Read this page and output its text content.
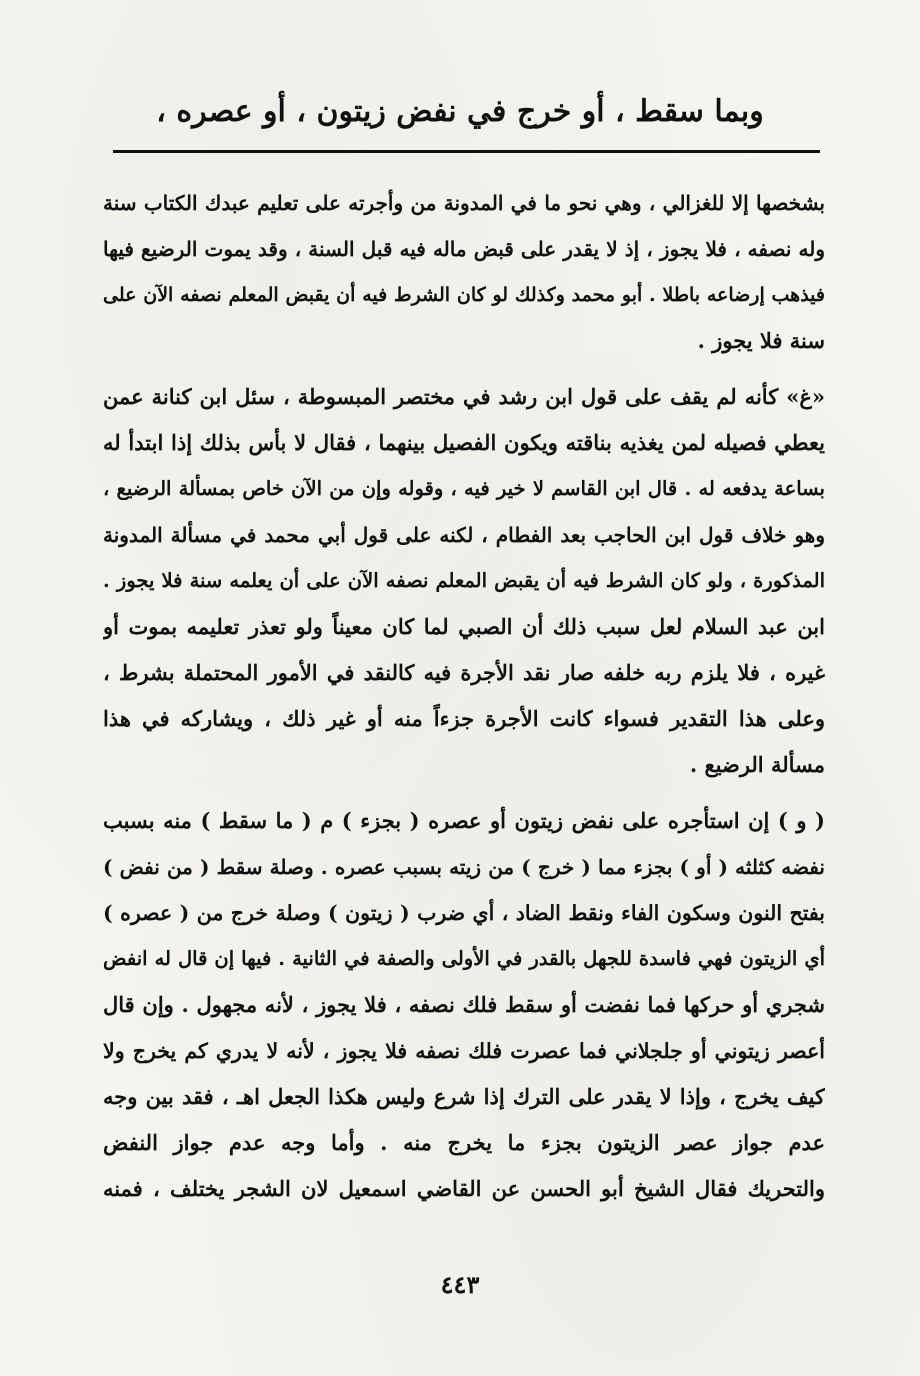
وبما سقط ، أو خرج في نفض زيتون ، أو عصره ،
بشخصها إلا للغزالي ، وهي نحو ما في المدونة من وأجرته على تعليم عبدك الكتاب سنة
وله نصفه ، فلا يجوز ، إذ لا يقدر على قبض ماله فيه قبل السنة ، وقد يموت الرضيع فيها
فيذهب إرضاعه باطلا . أبو محمد وكذلك لو كان الشرط فيه أن يقبض المعلم نصفه الآن على
سنة فلا يجوز .
«غ» كأنه لم يقف على قول ابن رشد في مختصر المبسوطة ، سئل ابن كنانة عمن
يعطي فصيله لمن يغذيه بناقته ويكون الفصيل بينهما ، فقال لا بأس بذلك إذا ابتدأ له
بساعة يدفعه له . قال ابن القاسم لا خير فيه ، وقوله وإن من الآن خاص بمسألة الرضيع ،
وهو خلاف قول ابن الحاجب بعد الفطام ، لكنه على قول أبي محمد في مسألة المدونة
المذكورة ، ولو كان الشرط فيه أن يقبض المعلم نصفه الآن على أن يعلمه سنة فلا يجوز .
ابن عبد السلام لعل سبب ذلك أن الصبي لما كان معيناً ولو تعذر تعليمه بموت أو
غيره ، فلا يلزم ربه خلفه صار نقد الأجرة فيه كالنقد في الأمور المحتملة بشرط ،
وعلى هذا التقدير فسواء كانت الأجرة جزءاً منه أو غير ذلك ، ويشاركه في هذا
مسألة الرضيع .
( و ) إن استأجره على نفض زيتون أو عصره ( بجزء ) م ( ما سقط ) منه بسبب
نفضه كثلثه ( أو ) بجزء مما ( خرج ) من زيته بسبب عصره . وصلة سقط ( من نفض )
بفتح النون وسكون الفاء ونقط الضاد ، أي ضرب ( زيتون ) وصلة خرج من ( عصره )
أي الزيتون فهي فاسدة للجهل بالقدر في الأولى والصفة في الثانية . فيها إن قال له انفض
شجري أو حركها فما نفضت أو سقط فلك نصفه ، فلا يجوز ، لأنه مجهول . وإن قال
أعصر زيتوني أو جلجلاني فما عصرت فلك نصفه فلا يجوز ، لأنه لا يدري كم يخرج ولا
كيف يخرج ، وإذا لا يقدر على الترك إذا شرع وليس هكذا الجعل اهـ ، فقد بين وجه
عدم جواز عصر الزيتون بجزء ما يخرج منه . وأما وجه عدم جواز النفض
والتحريك فقال الشيخ أبو الحسن عن القاضي اسمعيل لان الشجر يختلف ، فمنه
٤٤٣
